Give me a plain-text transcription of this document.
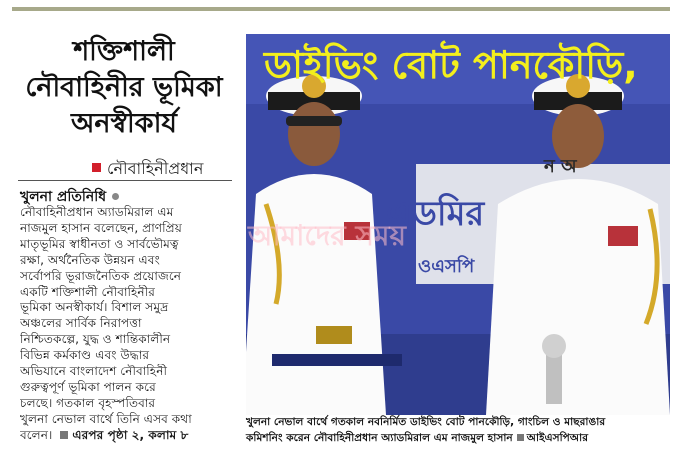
শক্তিশালী
নৌবাহিনীর ভূমিকা
অনস্বীকার্য
নৌবাহিনীপ্রধান
খুলনা প্রতিনিধি
নৌবাহিনীপ্রধান অ্যাডমিরাল এম
নাজমুল হাসান বলেছেন, প্রাণপ্রিয়
মাতৃভূমির স্বাধীনতা ও সার্বভৌমত্ব
রক্ষা, অর্থনৈতিক উন্নয়ন এবং
সর্বোপরি ভূরাজনৈতিক প্রয়োজনে
একটি শক্তিশালী নৌবাহিনীর
ভূমিকা অনস্বীকার্য। বিশাল সমুদ্র
অঞ্চলের সার্বিক নিরাপত্তা
নিশ্চিতকল্পে, যুদ্ধ ও শান্তিকালীন
বিভিন্ন কর্মকাণ্ড এবং উদ্ধার
অভিযানে বাংলাদেশ নৌবাহিনী
গুরুত্বপূর্ণ ভূমিকা পালন করে
চলছে। গতকাল বৃহস্পতিবার
খুলনা নেভাল বার্থে তিনি এসব কথা
বলেন। এরপর পৃষ্ঠা ২, কলাম ৮
ডাইভিং বোট পানকৌড়ি,
ন অ
এডমির
ওএসপি
আমাদের সময়
খুলনা নেভাল বার্থে গতকাল নবনির্মিত ডাইভিং বোট পানকৌড়ি, গাংচিল ও মাছরাঙার
কমিশনিং করেন নৌবাহিনীপ্রধান অ্যাডমিরাল এম নাজমুল হাসান আইএসপিআর
